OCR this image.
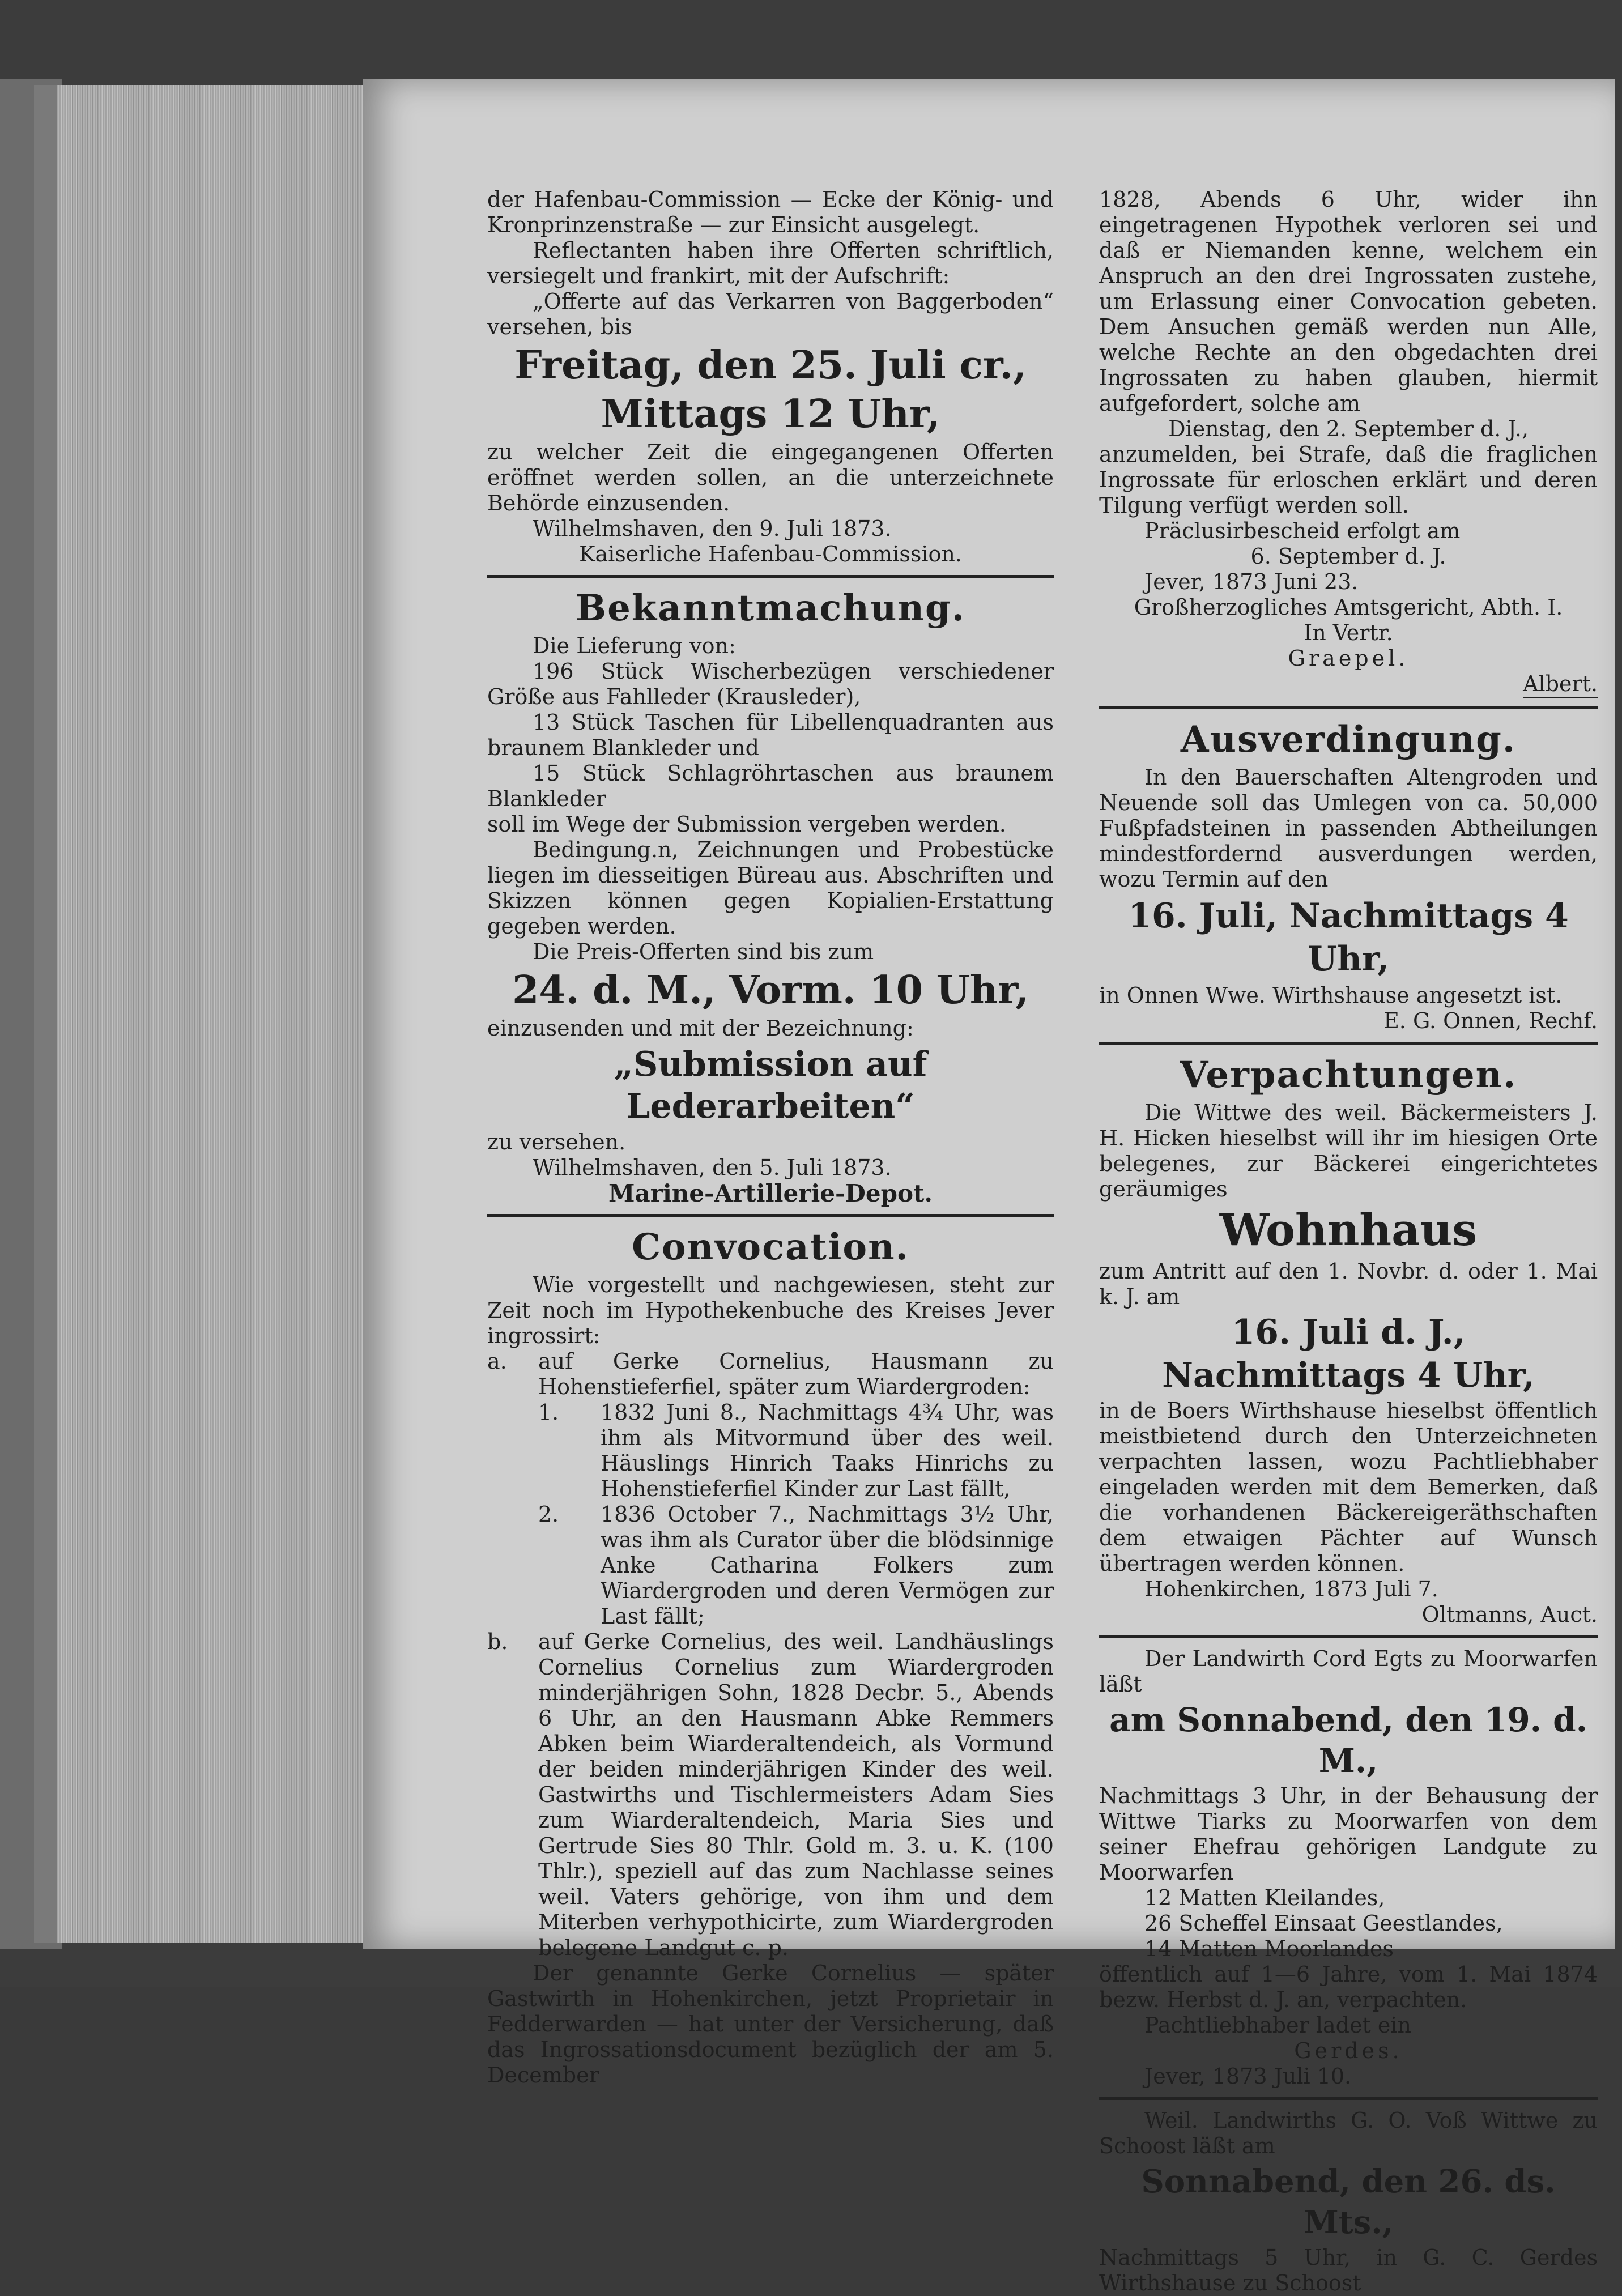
der Hafenbau-Commission — Ecke der König- und Kronprinzenstraße — zur Einsicht ausgelegt.

Reflectanten haben ihre Offerten schriftlich, versiegelt und frankirt, mit der Aufschrift:

„Offerte auf das Verkarren von Baggerboden“ versehen, bis

Freitag, den 25. Juli cr.,

Mittags 12 Uhr,

zu welcher Zeit die eingegangenen Offerten eröffnet werden sollen, an die unterzeichnete Behörde einzusenden.

Wilhelmshaven, den 9. Juli 1873.

Kaiserliche Hafenbau-Commission.

Bekanntmachung.

Die Lieferung von:

196 Stück Wischerbezügen verschiedener Größe aus Fahlleder (Krausleder),

13 Stück Taschen für Libellenquadranten aus braunem Blankleder und

15 Stück Schlagröhrtaschen aus braunem Blankleder

soll im Wege der Submission vergeben werden.

Bedingung.n, Zeichnungen und Probestücke liegen im diesseitigen Büreau aus. Abschriften und Skizzen können gegen Kopialien-Erstattung gegeben werden.

Die Preis-Offerten sind bis zum

24. d. M., Vorm. 10 Uhr,

einzusenden und mit der Bezeichnung:

„Submission auf Lederarbeiten“

zu versehen.

Wilhelmshaven, den 5. Juli 1873.

Marine-Artillerie-Depot.

Convocation.

Wie vorgestellt und nachgewiesen, steht zur Zeit noch im Hypothekenbuche des Kreises Jever ingrossirt:

a.	auf Gerke Cornelius, Hausmann zu Hohenstieferfiel, später zum Wiardergroden:
1.	1832 Juni 8., Nachmittags 4¾ Uhr, was ihm als Mitvormund über des weil. Häuslings Hinrich Taaks Hinrichs zu Hohenstieferfiel Kinder zur Last fällt,
2.	1836 October 7., Nachmittags 3½ Uhr, was ihm als Curator über die blödsinnige Anke Catharina Folkers zum Wiardergroden und deren Vermögen zur Last fällt;
b.	auf Gerke Cornelius, des weil. Landhäuslings Cornelius Cornelius zum Wiardergroden minderjährigen Sohn, 1828 Decbr. 5., Abends 6 Uhr, an den Hausmann Abke Remmers Abken beim Wiarderaltendeich, als Vormund der beiden minderjährigen Kinder des weil. Gastwirths und Tischlermeisters Adam Sies zum Wiarderaltendeich, Maria Sies und Gertrude Sies 80 Thlr. Gold m. 3. u. K. (100 Thlr.), speziell auf das zum Nachlasse seines weil. Vaters gehörige, von ihm und dem Miterben verhypothicirte, zum Wiardergroden belegene Landgut c. p.

Der genannte Gerke Cornelius — später Gastwirth in Hohenkirchen, jetzt Proprietair in Fedderwarden — hat unter der Versicherung, daß das Ingrossationsdocument bezüglich der am 5. December

1828, Abends 6 Uhr, wider ihn eingetragenen Hypothek verloren sei und daß er Niemanden kenne, welchem ein Anspruch an den drei Ingrossaten zustehe, um Erlassung einer Convocation gebeten. Dem Ansuchen gemäß werden nun Alle, welche Rechte an den obgedachten drei Ingrossaten zu haben glauben, hiermit aufgefordert, solche am

Dienstag, den 2. September d. J.,

anzumelden, bei Strafe, daß die fraglichen Ingrossate für erloschen erklärt und deren Tilgung verfügt werden soll.

Präclusirbescheid erfolgt am

6. September d. J.

Jever, 1873 Juni 23.

Großherzogliches Amtsgericht, Abth. I.

In Vertr.

Graepel.

Albert.

Ausverdingung.

In den Bauerschaften Altengroden und Neuende soll das Umlegen von ca. 50,000 Fußpfadsteinen in passenden Abtheilungen mindestfordernd ausverdungen werden, wozu Termin auf den

16. Juli, Nachmittags 4 Uhr,

in Onnen Wwe. Wirthshause angesetzt ist.

E. G. Onnen, Rechf.

Verpachtungen.

Die Wittwe des weil. Bäckermeisters J. H. Hicken hieselbst will ihr im hiesigen Orte belegenes, zur Bäckerei eingerichtetes geräumiges

Wohnhaus

zum Antritt auf den 1. Novbr. d. oder 1. Mai k. J. am

16. Juli d. J.,

Nachmittags 4 Uhr,

in de Boers Wirthshause hieselbst öffentlich meistbietend durch den Unterzeichneten verpachten lassen, wozu Pachtliebhaber eingeladen werden mit dem Bemerken, daß die vorhandenen Bäckereigeräthschaften dem etwaigen Pächter auf Wunsch übertragen werden können.

Hohenkirchen, 1873 Juli 7.

Oltmanns, Auct.

Der Landwirth Cord Egts zu Moorwarfen läßt

am Sonnabend, den 19. d. M.,

Nachmittags 3 Uhr, in der Behausung der Wittwe Tiarks zu Moorwarfen von dem seiner Ehefrau gehörigen Landgute zu Moorwarfen

12 Matten Kleilandes,

26 Scheffel Einsaat Geestlandes,

14 Matten Moorlandes

öffentlich auf 1—6 Jahre, vom 1. Mai 1874 bezw. Herbst d. J. an, verpachten.

Pachtliebhaber ladet ein

Gerdes.

Jever, 1873 Juli 10.

Weil. Landwirths G. O. Voß Wittwe zu Schoost läßt am

Sonnabend, den 26. ds. Mts.,

Nachmittags 5 Uhr, in G. C. Gerdes Wirthshause zu Schoost
